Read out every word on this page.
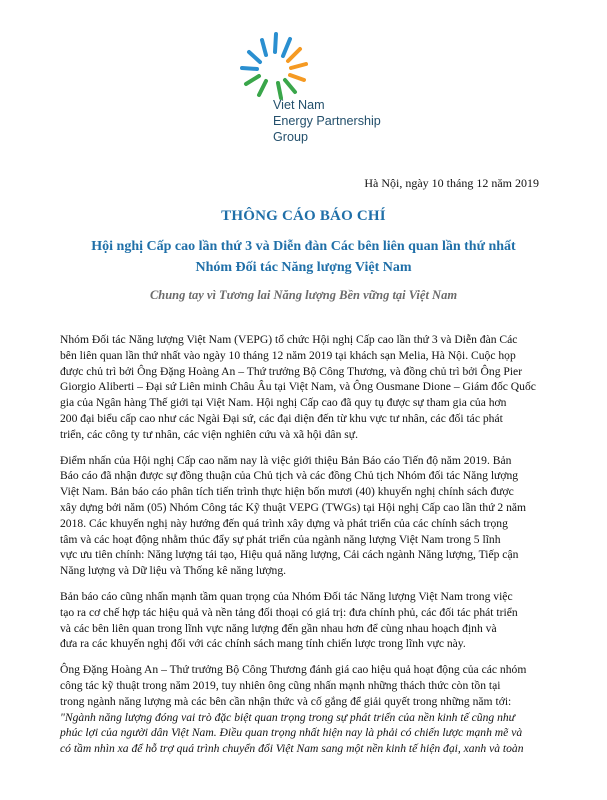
Viet Nam
Energy Partnership
Group
Hà Nội, ngày 10 tháng 12 năm 2019
THÔNG CÁO BÁO CHÍ
Hội nghị Cấp cao lần thứ 3 và Diễn đàn Các bên liên quan lần thứ nhất
Nhóm Đối tác Năng lượng Việt Nam
Chung tay vì Tương lai Năng lượng Bền vững tại Việt Nam

Nhóm Đối tác Năng lượng Việt Nam (VEPG) tổ chức Hội nghị Cấp cao lần thứ 3 và Diễn đàn Các
bên liên quan lần thứ nhất vào ngày 10 tháng 12 năm 2019 tại khách sạn Melia, Hà Nội. Cuộc họp
được chủ trì bởi Ông Đặng Hoàng An – Thứ trưởng Bộ Công Thương, và đồng chủ trì bởi Ông Pier
Giorgio Aliberti – Đại sứ Liên minh Châu Âu tại Việt Nam, và Ông Ousmane Dione – Giám đốc Quốc
gia của Ngân hàng Thế giới tại Việt Nam. Hội nghị Cấp cao đã quy tụ được sự tham gia của hơn
200 đại biểu cấp cao như các Ngài Đại sứ, các đại diện đến từ khu vực tư nhân, các đối tác phát
triển, các công ty tư nhân, các viện nghiên cứu và xã hội dân sự.

Điểm nhấn của Hội nghị Cấp cao năm nay là việc giới thiệu Bản Báo cáo Tiến độ năm 2019. Bản
Báo cáo đã nhận được sự đồng thuận của Chủ tịch và các đồng Chủ tịch Nhóm đối tác Năng lượng
Việt Nam. Bản báo cáo phân tích tiến trình thực hiện bốn mươi (40) khuyến nghị chính sách được
xây dựng bởi năm (05) Nhóm Công tác Kỹ thuật VEPG (TWGs) tại Hội nghị Cấp cao lần thứ 2 năm
2018. Các khuyến nghị này hướng đến quá trình xây dựng và phát triển của các chính sách trọng
tâm và các hoạt động nhằm thúc đẩy sự phát triển của ngành năng lượng Việt Nam trong 5 lĩnh
vực ưu tiên chính: Năng lượng tái tạo, Hiệu quả năng lượng, Cải cách ngành Năng lượng, Tiếp cận
Năng lượng và Dữ liệu và Thống kê năng lượng.

Bản báo cáo cũng nhấn mạnh tầm quan trọng của Nhóm Đối tác Năng lượng Việt Nam trong việc
tạo ra cơ chế hợp tác hiệu quả và nền tảng đối thoại có giá trị: đưa chính phủ, các đối tác phát triển
và các bên liên quan trong lĩnh vực năng lượng đến gần nhau hơn để cùng nhau hoạch định và
đưa ra các khuyến nghị đối với các chính sách mang tính chiến lược trong lĩnh vực này.

Ông Đặng Hoàng An – Thứ trưởng Bộ Công Thương đánh giá cao hiệu quả hoạt động của các nhóm
công tác kỹ thuật trong năm 2019, tuy nhiên ông cũng nhấn mạnh những thách thức còn tồn tại
trong ngành năng lượng mà các bên cần nhận thức và cố gắng để giải quyết trong những năm tới:
"Ngành năng lượng đóng vai trò đặc biệt quan trọng trong sự phát triển của nền kinh tế cũng như
phúc lợi của người dân Việt Nam. Điều quan trọng nhất hiện nay là phải có chiến lược mạnh mẽ và
có tầm nhìn xa để hỗ trợ quá trình chuyển đổi Việt Nam sang một nền kinh tế hiện đại, xanh và toàn
